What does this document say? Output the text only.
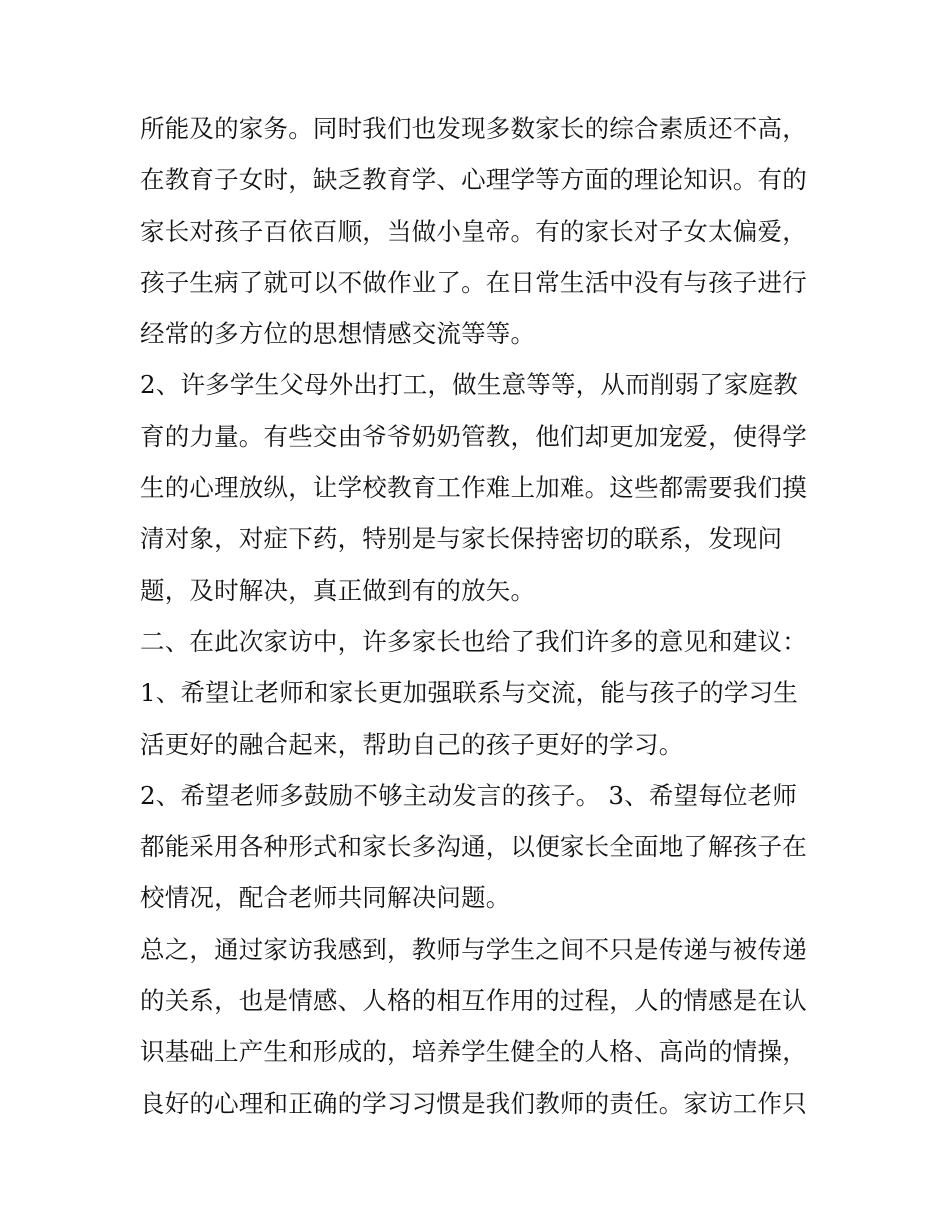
所能及的家务。同时我们也发现多数家长的综合素质还不高，
在教育子女时，缺乏教育学、心理学等方面的理论知识。有的
家长对孩子百依百顺，当做小皇帝。有的家长对子女太偏爱，
孩子生病了就可以不做作业了。在日常生活中没有与孩子进行
经常的多方位的思想情感交流等等。
2、许多学生父母外出打工，做生意等等，从而削弱了家庭教
育的力量。有些交由爷爷奶奶管教，他们却更加宠爱，使得学
生的心理放纵，让学校教育工作难上加难。这些都需要我们摸
清对象，对症下药，特别是与家长保持密切的联系，发现问
题，及时解决，真正做到有的放矢。
二、在此次家访中，许多家长也给了我们许多的意见和建议：
1、希望让老师和家长更加强联系与交流，能与孩子的学习生
活更好的融合起来，帮助自己的孩子更好的学习。
2、希望老师多鼓励不够主动发言的孩子。 3、希望每位老师
都能采用各种形式和家长多沟通，以便家长全面地了解孩子在
校情况，配合老师共同解决问题。
总之，通过家访我感到，教师与学生之间不只是传递与被传递
的关系，也是情感、人格的相互作用的过程，人的情感是在认
识基础上产生和形成的，培养学生健全的人格、高尚的情操，
良好的心理和正确的学习习惯是我们教师的责任。家访工作只
